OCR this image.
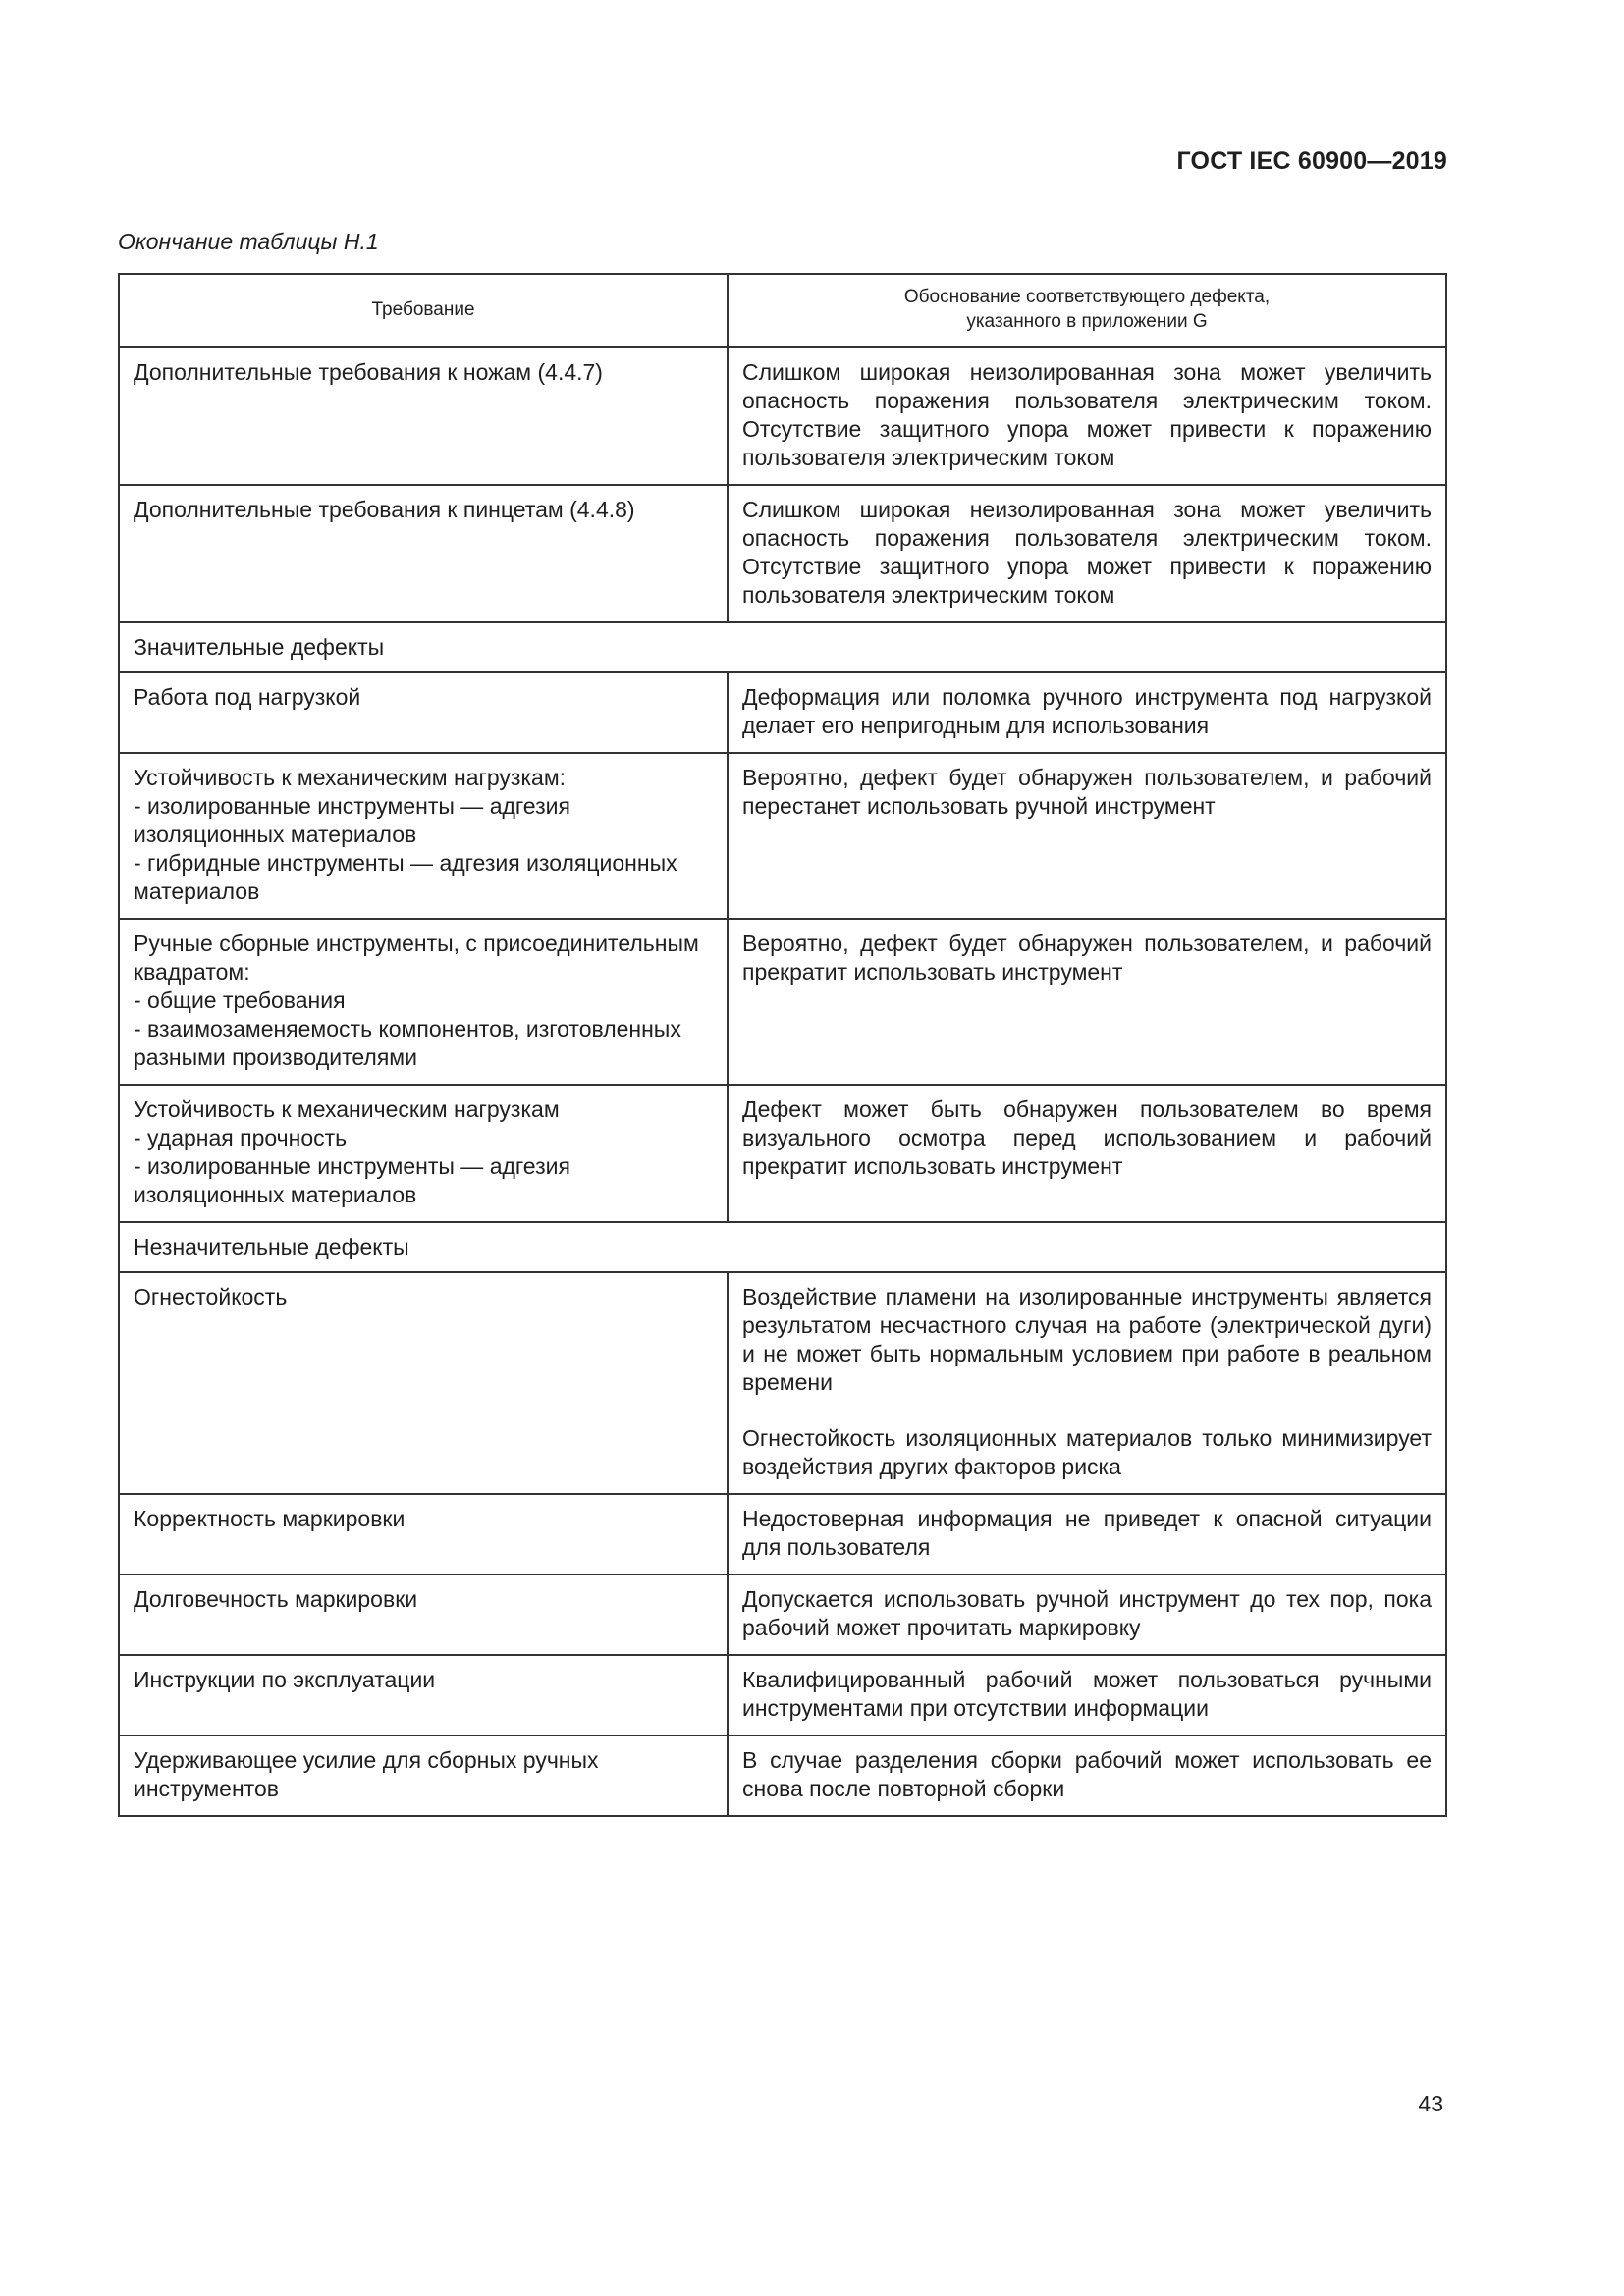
ГОСТ IEC 60900—2019
Окончание таблицы Н.1
Требование	Обоснование соответствующего дефекта,
указанного в приложении G
Дополнительные требования к ножам (4.4.7)	Слишком широкая неизолированная зона может увеличить опасность поражения пользователя электрическим током. Отсутствие защитного упора может привести к поражению пользователя электрическим током
Дополнительные требования к пинцетам (4.4.8)	Слишком широкая неизолированная зона может увеличить опасность поражения пользователя электрическим током. Отсутствие защитного упора может привести к поражению пользователя электрическим током
Значительные дефекты	
Работа под нагрузкой	Деформация или поломка ручного инструмента под нагрузкой делает его непригодным для использования

Устойчивость к механическим нагрузкам:
- изолированные инструменты — адгезия изоляционных материалов
- гибридные инструменты — адгезия изоляционных материалов	Вероятно, дефект будет обнаружен пользователем, и рабочий перестанет использовать ручной инструмент

Ручные сборные инструменты, с присоединительным квадратом:
- общие требования
- взаимозаменяемость компонентов, изготовленных разными производителями	Вероятно, дефект будет обнаружен пользователем, и рабочий прекратит использовать инструмент

Устойчивость к механическим нагрузкам
- ударная прочность
- изолированные инструменты — адгезия изоляционных материалов	Дефект может быть обнаружен пользователем во время визуального осмотра перед использованием и рабочий прекратит использовать инструмент
Незначительные дефекты	
Огнестойкость	Воздействие пламени на изолированные инструменты является результатом несчастного случая на работе (электрической дуги) и не может быть нормальным условием при работе в реальном времени

Огнестойкость изоляционных материалов только минимизирует воздействия других факторов риска

Корректность маркировки	Недостоверная информация не приведет к опасной ситуации для пользователя
Долговечность маркировки	Допускается использовать ручной инструмент до тех пор, пока рабочий может прочитать маркировку
Инструкции по эксплуатации	Квалифицированный рабочий может пользоваться ручными инструментами при отсутствии информации
Удерживающее усилие для сборных ручных инструментов	В случае разделения сборки рабочий может использовать ее снова после повторной сборки
43
